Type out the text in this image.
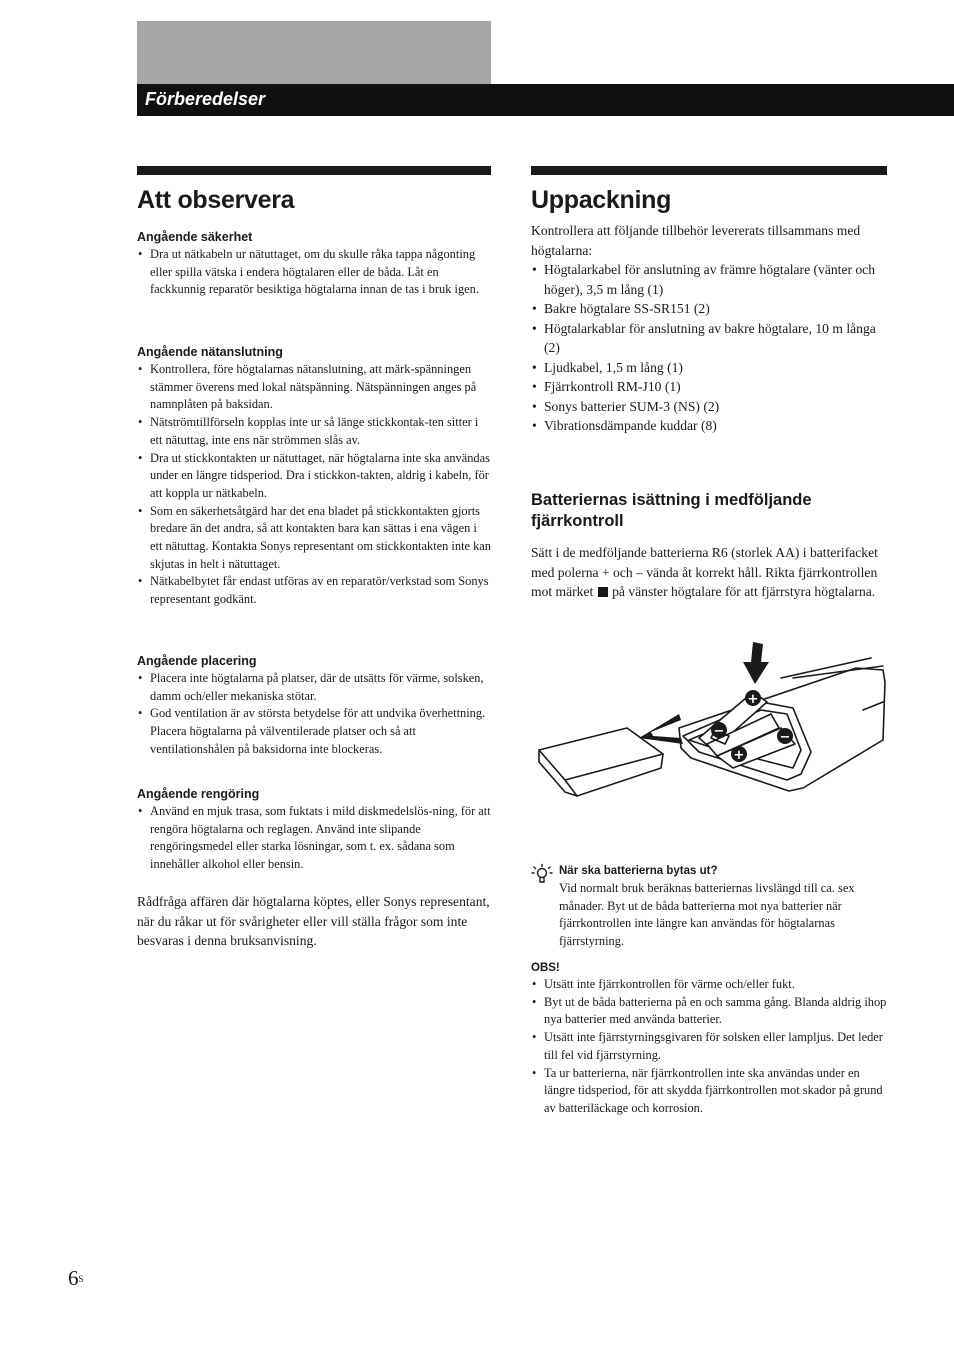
Förberedelser
Att observera
Angående säkerhet
• Dra ut nätkabeln ur nätuttaget, om du skulle råka tappa någonting eller spilla vätska i endera högtalaren eller de båda. Låt en fackkunnig reparatör besiktiga högtalarna innan de tas i bruk igen.
Angående nätanslutning
• Kontrollera, före högtalarnas nätanslutning, att märk-spänningen stämmer överens med lokal nätspänning. Nätspänningen anges på namnplåten på baksidan.
• Nätströmtillförseln kopplas inte ur så länge stickkontak-ten sitter i ett nätuttag, inte ens när strömmen slås av.
• Dra ut stickkontakten ur nätuttaget, när högtalarna inte ska användas under en längre tidsperiod. Dra i stickkon-takten, aldrig i kabeln, för att koppla ur nätkabeln.
• Som en säkerhetsåtgärd har det ena bladet på stickkontakten gjorts bredare än det andra, så att kontakten bara kan sättas i ena vägen i ett nätuttag. Kontakta Sonys representant om stickkontakten inte kan skjutas in helt i nätuttaget.
• Nätkabelbytet får endast utföras av en reparatör/verkstad som Sonys representant godkänt.
Angående placering
• Placera inte högtalarna på platser, där de utsätts för värme, solsken, damm och/eller mekaniska stötar.
• God ventilation är av största betydelse för att undvika överhettning. Placera högtalarna på välventilerade platser och så att ventilationshålen på baksidorna inte blockeras.
Angående rengöring
• Använd en mjuk trasa, som fuktats i mild diskmedelslös-ning, för att rengöra högtalarna och reglagen. Använd inte slipande rengöringsmedel eller starka lösningar, som t. ex. sådana som innehåller alkohol eller bensin.

Rådfråga affären där högtalarna köptes, eller Sonys representant, när du råkar ut för svårigheter eller vill ställa frågor som inte besvaras i denna bruksanvisning.

Uppackning

Kontrollera att följande tillbehör levererats tillsammans med högtalarna:

• Högtalarkabel för anslutning av främre högtalare (vänter och höger), 3,5 m lång (1)
• Bakre högtalare SS-SR151 (2)
• Högtalarkablar för anslutning av bakre högtalare, 10 m långa (2)
• Ljudkabel, 1,5 m lång (1)
• Fjärrkontroll RM-J10 (1)
• Sonys batterier SUM-3 (NS) (2)
• Vibrationsdämpande kuddar (8)
Batteriernas isättning i medföljande fjärrkontroll

Sätt i de medföljande batterierna R6 (storlek AA) i batterifacket med polerna + och – vända åt korrekt håll. Rikta fjärrkontrollen mot märket på vänster högtalare för att fjärrstyra högtalarna.

+
−	−
+
När ska batterierna bytas ut?

Vid normalt bruk beräknas batteriernas livslängd till ca. sex månader. Byt ut de båda batterierna mot nya batterier när fjärrkontrollen inte längre kan användas för högtalarnas fjärrstyrning.

OBS!
• Utsätt inte fjärrkontrollen för värme och/eller fukt.
• Byt ut de båda batterierna på en och samma gång. Blanda aldrig ihop nya batterier med använda batterier.
• Utsätt inte fjärrstyrningsgivaren för solsken eller lampljus. Det leder till fel vid fjärrstyrning.
• Ta ur batterierna, när fjärrkontrollen inte ska användas under en längre tidsperiod, för att skydda fjärrkontrollen mot skador på grund av batteriläckage och korrosion.
$6^S$
